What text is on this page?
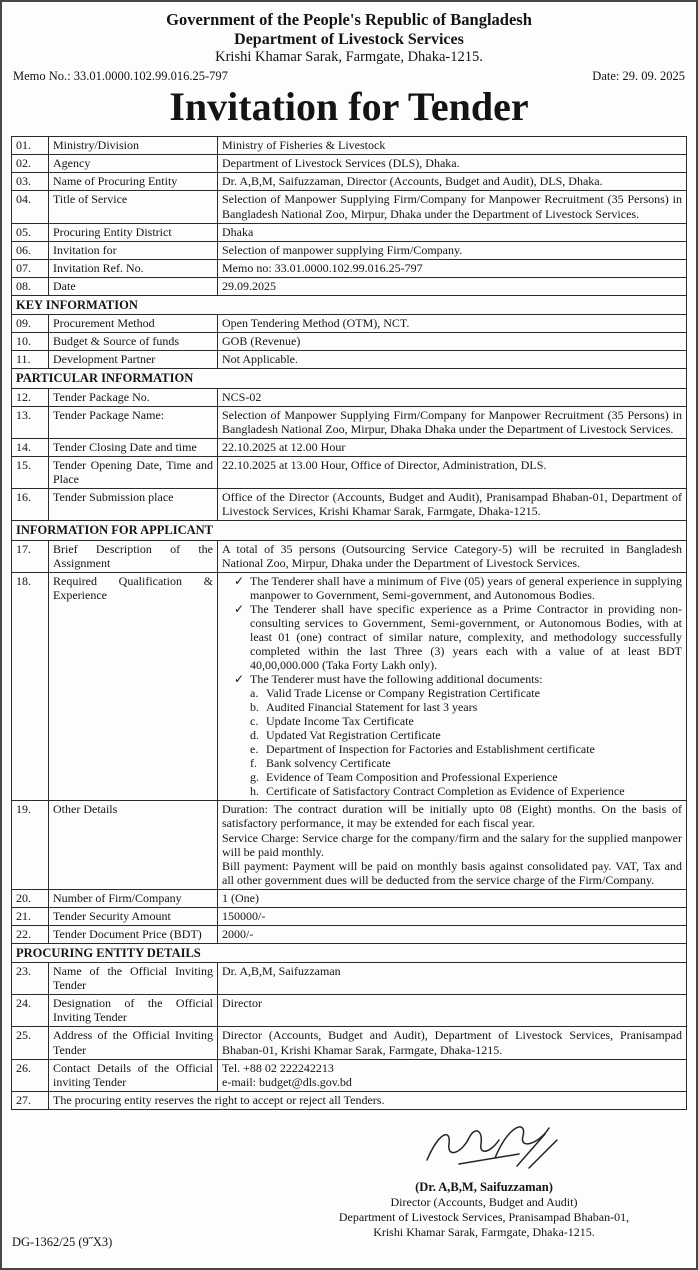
Government of the People's Republic of Bangladesh
Department of Livestock Services
Krishi Khamar Sarak, Farmgate, Dhaka-1215.
Memo No.: 33.01.0000.102.99.016.25-797	Date: 29. 09. 2025
Invitation for Tender
01.	Ministry/Division	Ministry of Fisheries & Livestock

02.	Agency	Department of Livestock Services (DLS), Dhaka.

03.	Name of Procuring Entity	Dr. A,B,M, Saifuzzaman, Director (Accounts, Budget and Audit), DLS, Dhaka.

04.	Title of Service	Selection of Manpower Supplying Firm/Company for Manpower Recruitment (35 Persons) in Bangladesh National Zoo, Mirpur, Dhaka under the Department of Livestock Services.

05.	Procuring Entity District	Dhaka

06.	Invitation for	Selection of manpower supplying Firm/Company.

07.	Invitation Ref. No.	Memo no: 33.01.0000.102.99.016.25-797

08.	Date	29.09.2025

KEY INFORMATION		
09.	Procurement Method	Open Tendering Method (OTM), NCT.

10.	Budget & Source of funds	GOB (Revenue)

11.	Development Partner	Not Applicable.

PARTICULAR INFORMATION		
12.	Tender Package No.	NCS-02

13.	Tender Package Name:	Selection of Manpower Supplying Firm/Company for Manpower Recruitment (35 Persons) in Bangladesh National Zoo, Mirpur, Dhaka Dhaka under the Department of Livestock Services.

14.	Tender Closing Date and time	22.10.2025 at 12.00 Hour

15.	Tender Opening Date, Time and Place	22.10.2025 at 13.00 Hour, Office of Director, Administration, DLS.

16.	Tender Submission place	Office of the Director (Accounts, Budget and Audit), Pranisampad Bhaban-01, Department of Livestock Services, Krishi Khamar Sarak, Farmgate, Dhaka-1215.

INFORMATION FOR APPLICANT		
17.	Brief Description of the Assignment	A total of 35 persons (Outsourcing Service Category-5) will be recruited in Bangladesh National Zoo, Mirpur, Dhaka under the Department of Livestock Services.

18.	Required Qualification & Experience	
✓ The Tenderer shall have a minimum of Five (05) years of general experience in supplying manpower to Government, Semi-government, and Autonomous Bodies.
✓ The Tenderer shall have specific experience as a Prime Contractor in providing non-consulting services to Government, Semi-government, or Autonomous Bodies, with at least 01 (one) contract of similar nature, complexity, and methodology successfully completed within the last Three (3) years each with a value of at least BDT 40,00,000.000 (Taka Forty Lakh only).
✓ The Tenderer must have the following additional documents:
a. Valid Trade License or Company Registration Certificate
b. Audited Financial Statement for last 3 years
c. Update Income Tax Certificate
d. Updated Vat Registration Certificate
e. Department of Inspection for Factories and Establishment certificate
f. Bank solvency Certificate
g. Evidence of Team Composition and Professional Experience
h. Certificate of Satisfactory Contract Completion as Evidence of Experience

19.	Other Details	Duration: The contract duration will be initially upto 08 (Eight) months. On the basis of satisfactory performance, it may be extended for each fiscal year.
Service Charge: Service charge for the company/firm and the salary for the supplied manpower will be paid monthly.
Bill payment: Payment will be paid on monthly basis against consolidated pay. VAT, Tax and all other government dues will be deducted from the service charge of the Firm/Company.

20.	Number of Firm/Company	1 (One)

21.	Tender Security Amount	150000/-

22.	Tender Document Price (BDT)	2000/-

PROCURING ENTITY DETAILS		
23.	Name of the Official Inviting Tender	Dr. A,B,M, Saifuzzaman

24.	Designation of the Official Inviting Tender	Director

25.	Address of the Official Inviting Tender	Director (Accounts, Budget and Audit), Department of Livestock Services, Pranisampad Bhaban-01, Krishi Khamar Sarak, Farmgate, Dhaka-1215.

26.	Contact Details of the Official inviting Tender	Tel. +88 02 222242213
e-mail: budget@dls.gov.bd

27.	The procuring entity reserves the right to accept or reject all Tenders.	
(Dr. A,B,M, Saifuzzaman)
Director (Accounts, Budget and Audit)
Department of Livestock Services, Pranisampad Bhaban-01,
Krishi Khamar Sarak, Farmgate, Dhaka-1215.
DG-1362/25 (9˝X3)
